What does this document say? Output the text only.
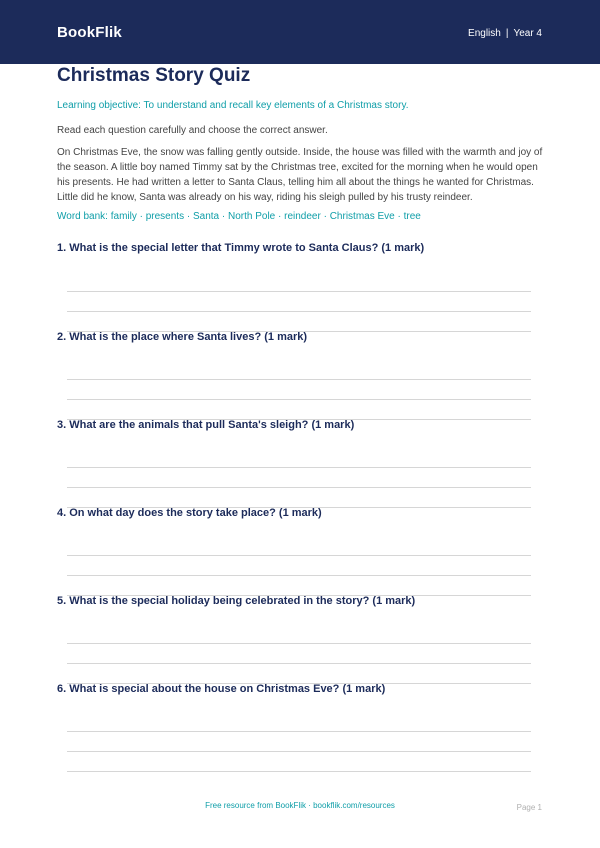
BookFlik	English | Year 4
Christmas Story Quiz
Learning objective: To understand and recall key elements of a Christmas story.
Read each question carefully and choose the correct answer.
On Christmas Eve, the snow was falling gently outside. Inside, the house was filled with the warmth and joy of the season. A little boy named Timmy sat by the Christmas tree, excited for the morning when he would open his presents. He had written a letter to Santa Claus, telling him all about the things he wanted for Christmas. Little did he know, Santa was already on his way, riding his sleigh pulled by his trusty reindeer.
Word bank: family · presents · Santa · North Pole · reindeer · Christmas Eve · tree
1. What is the special letter that Timmy wrote to Santa Claus? (1 mark)
2. What is the place where Santa lives? (1 mark)
3. What are the animals that pull Santa's sleigh? (1 mark)
4. On what day does the story take place? (1 mark)
5. What is the special holiday being celebrated in the story? (1 mark)
6. What is special about the house on Christmas Eve? (1 mark)
Free resource from BookFlik · bookflik.com/resources	Page 1
